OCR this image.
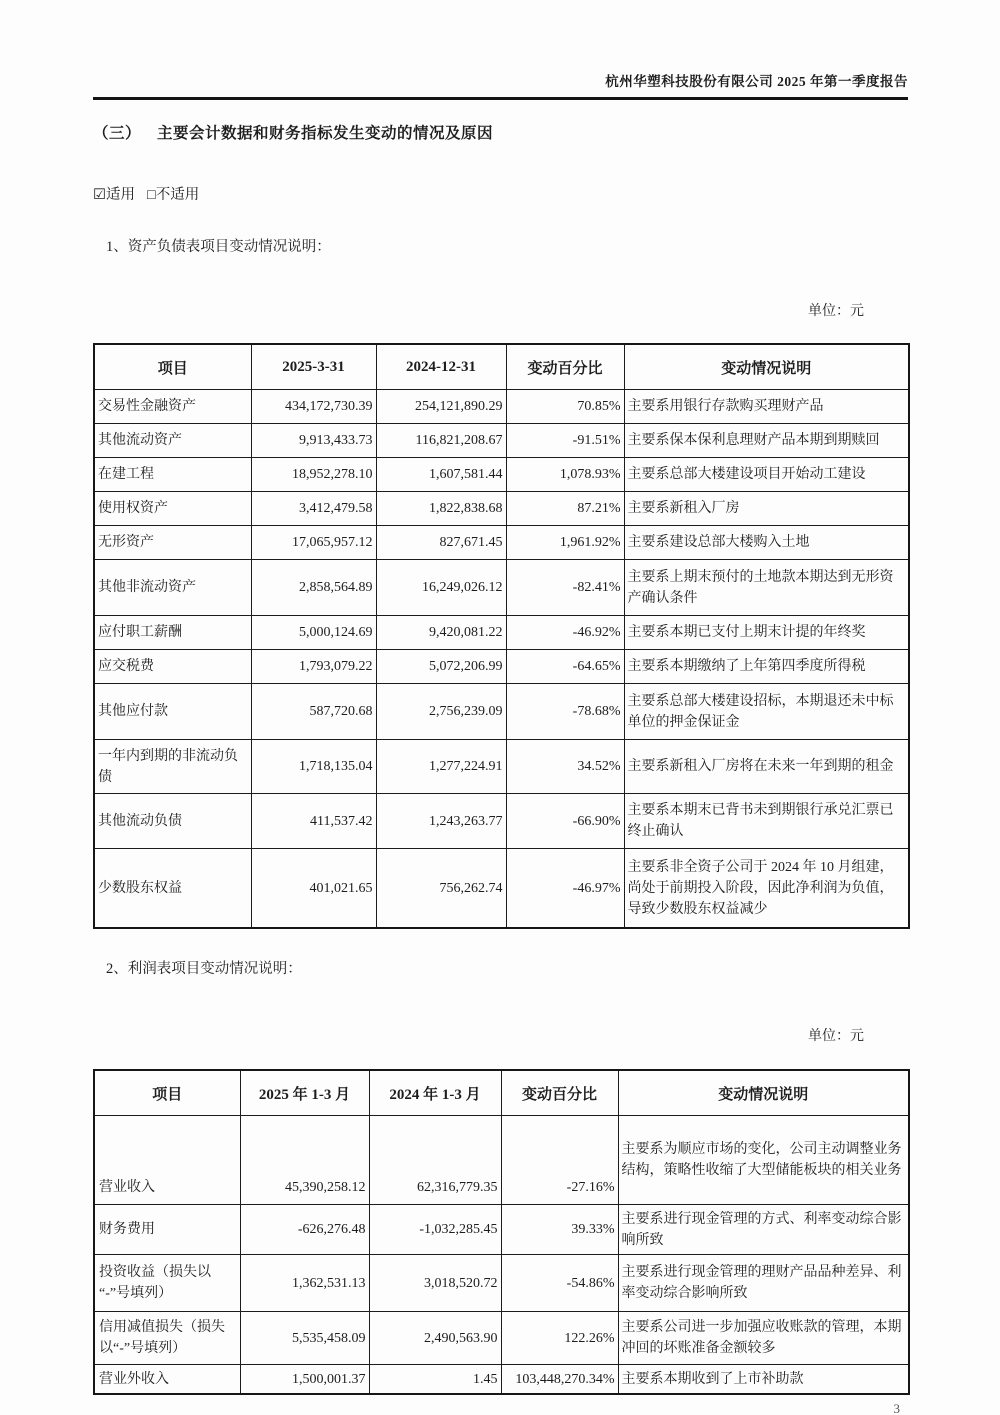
杭州华塑科技股份有限公司 2025 年第一季度报告
（三） 主要会计数据和财务指标发生变动的情况及原因
☑适用 □不适用
1、资产负债表项目变动情况说明：
单位：元
项目	2025-3-31	2024-12-31	变动百分比	变动情况说明
交易性金融资产	434,172,730.39	254,121,890.29	70.85%	主要系用银行存款购买理财产品
其他流动资产	9,913,433.73	116,821,208.67	-91.51%	主要系保本保利息理财产品本期到期赎回
在建工程	18,952,278.10	1,607,581.44	1,078.93%	主要系总部大楼建设项目开始动工建设
使用权资产	3,412,479.58	1,822,838.68	87.21%	主要系新租入厂房
无形资产	17,065,957.12	827,671.45	1,961.92%	主要系建设总部大楼购入土地
其他非流动资产	2,858,564.89	16,249,026.12	-82.41%	主要系上期末预付的土地款本期达到无形资产确认条件
应付职工薪酬	5,000,124.69	9,420,081.22	-46.92%	主要系本期已支付上期末计提的年终奖
应交税费	1,793,079.22	5,072,206.99	-64.65%	主要系本期缴纳了上年第四季度所得税
其他应付款	587,720.68	2,756,239.09	-78.68%	主要系总部大楼建设招标，本期退还未中标单位的押金保证金
一年内到期的非流动负债	1,718,135.04	1,277,224.91	34.52%	主要系新租入厂房将在未来一年到期的租金
其他流动负债	411,537.42	1,243,263.77	-66.90%	主要系本期末已背书未到期银行承兑汇票已终止确认
少数股东权益	401,021.65	756,262.74	-46.97%	主要系非全资子公司于 2024 年 10 月组建，尚处于前期投入阶段，因此净利润为负值，导致少数股东权益减少
2、利润表项目变动情况说明：
单位：元
项目	2025 年 1-3 月	2024 年 1-3 月	变动百分比	变动情况说明
营业收入	45,390,258.12	62,316,779.35	-27.16%	主要系为顺应市场的变化，公司主动调整业务结构，策略性收缩了大型储能板块的相关业务
财务费用	-626,276.48	-1,032,285.45	39.33%	主要系进行现金管理的方式、利率变动综合影响所致
投资收益（损失以“-”号填列）	1,362,531.13	3,018,520.72	-54.86%	主要系进行现金管理的理财产品品种差异、利率变动综合影响所致
信用减值损失（损失以“-”号填列）	5,535,458.09	2,490,563.90	122.26%	主要系公司进一步加强应收账款的管理，本期冲回的坏账准备金额较多
营业外收入	1,500,001.37	1.45	103,448,270.34%	主要系本期收到了上市补助款
3
